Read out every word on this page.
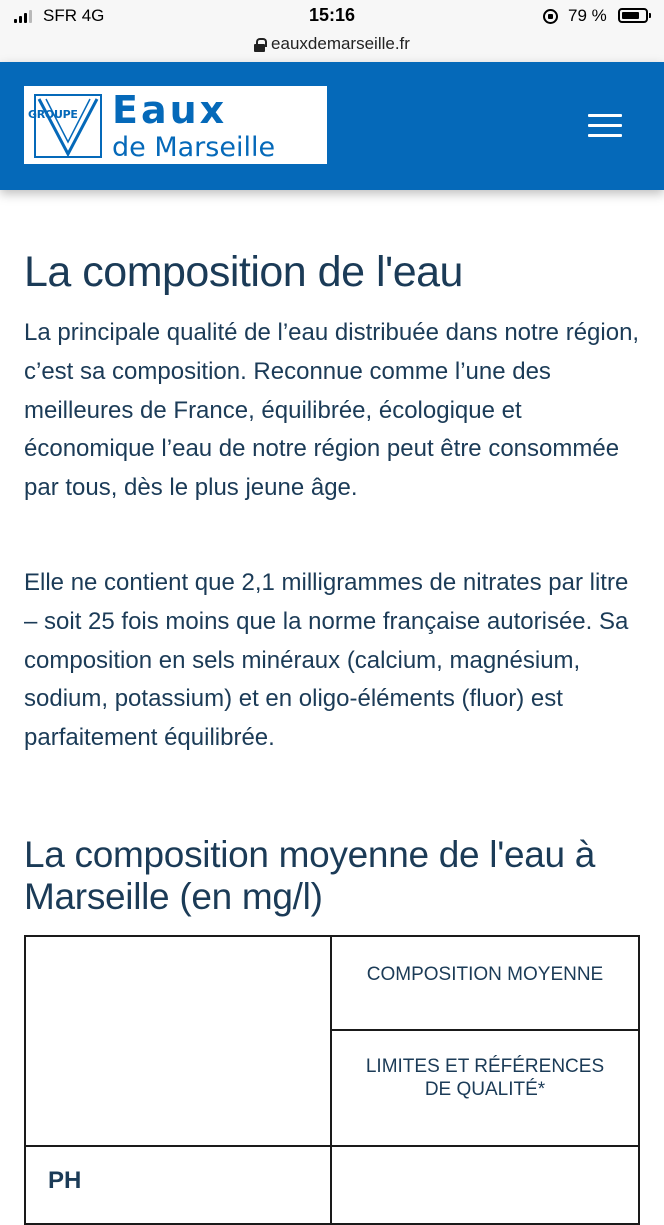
SFR 4G	15:16	79 %
eauxdemarseille.fr
GROUPE Eaux
de Marseille
La composition de l'eau

La principale qualité de l’eau distribuée dans notre région, c’est sa composition. Reconnue comme l’une des meilleures de France, équilibrée, écologique et économique l’eau de notre région peut être consommée par tous, dès le plus jeune âge.

Elle ne contient que 2,1 milligrammes de nitrates par litre – soit 25 fois moins que la norme française autorisée. Sa composition en sels minéraux (calcium, magnésium, sodium, potassium) et en oligo-éléments (fluor) est parfaitement équilibrée.

La composition moyenne de l'eau à Marseille (en mg/l)
COMPOSITION MOYENNE
LIMITES ET RÉFÉRENCES DE QUALITÉ*
PH
